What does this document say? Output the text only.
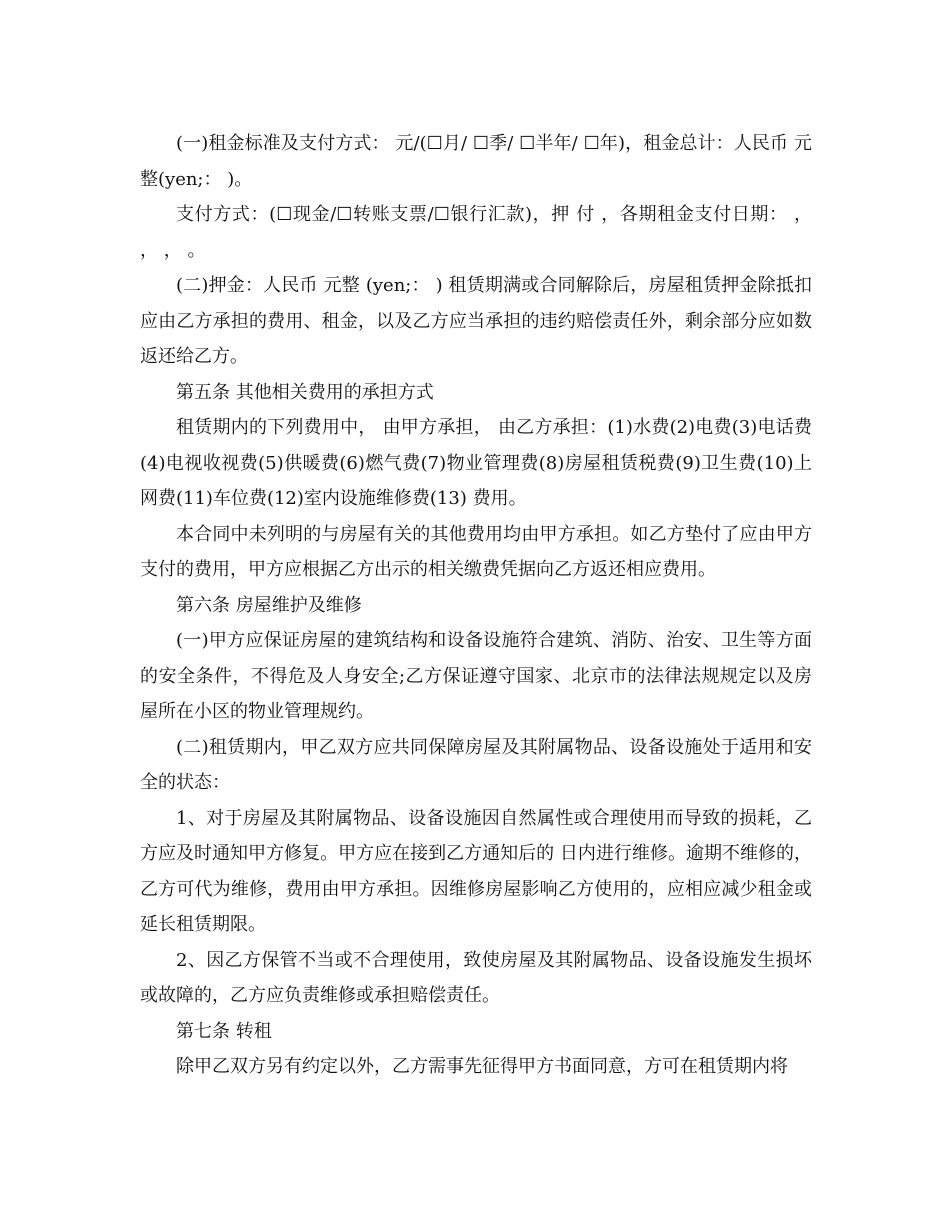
(一)租金标准及支付方式： 元/(☐月/ ☐季/ ☐半年/ ☐年)，租金总计：人民币 元整(yen;： )。

支付方式：(☐现金/☐转账支票/☐银行汇款)，押 付 ，各期租金支付日期： ， ， ， 。

(二)押金：人民币 元整 (yen;： ) 租赁期满或合同解除后，房屋租赁押金除抵扣应由乙方承担的费用、租金，以及乙方应当承担的违约赔偿责任外，剩余部分应如数返还给乙方。

第五条 其他相关费用的承担方式

租赁期内的下列费用中， 由甲方承担， 由乙方承担：(1)水费(2)电费(3)电话费(4)电视收视费(5)供暖费(6)燃气费(7)物业管理费(8)房屋租赁税费(9)卫生费(10)上网费(11)车位费(12)室内设施维修费(13) 费用。

本合同中未列明的与房屋有关的其他费用均由甲方承担。如乙方垫付了应由甲方支付的费用，甲方应根据乙方出示的相关缴费凭据向乙方返还相应费用。

第六条 房屋维护及维修

(一)甲方应保证房屋的建筑结构和设备设施符合建筑、消防、治安、卫生等方面的安全条件，不得危及人身安全;乙方保证遵守国家、北京市的法律法规规定以及房屋所在小区的物业管理规约。

(二)租赁期内，甲乙双方应共同保障房屋及其附属物品、设备设施处于适用和安全的状态：

1、对于房屋及其附属物品、设备设施因自然属性或合理使用而导致的损耗，乙方应及时通知甲方修复。甲方应在接到乙方通知后的 日内进行维修。逾期不维修的，乙方可代为维修，费用由甲方承担。因维修房屋影响乙方使用的，应相应减少租金或延长租赁期限。

2、因乙方保管不当或不合理使用，致使房屋及其附属物品、设备设施发生损坏或故障的，乙方应负责维修或承担赔偿责任。

第七条 转租

除甲乙双方另有约定以外，乙方需事先征得甲方书面同意，方可在租赁期内将
